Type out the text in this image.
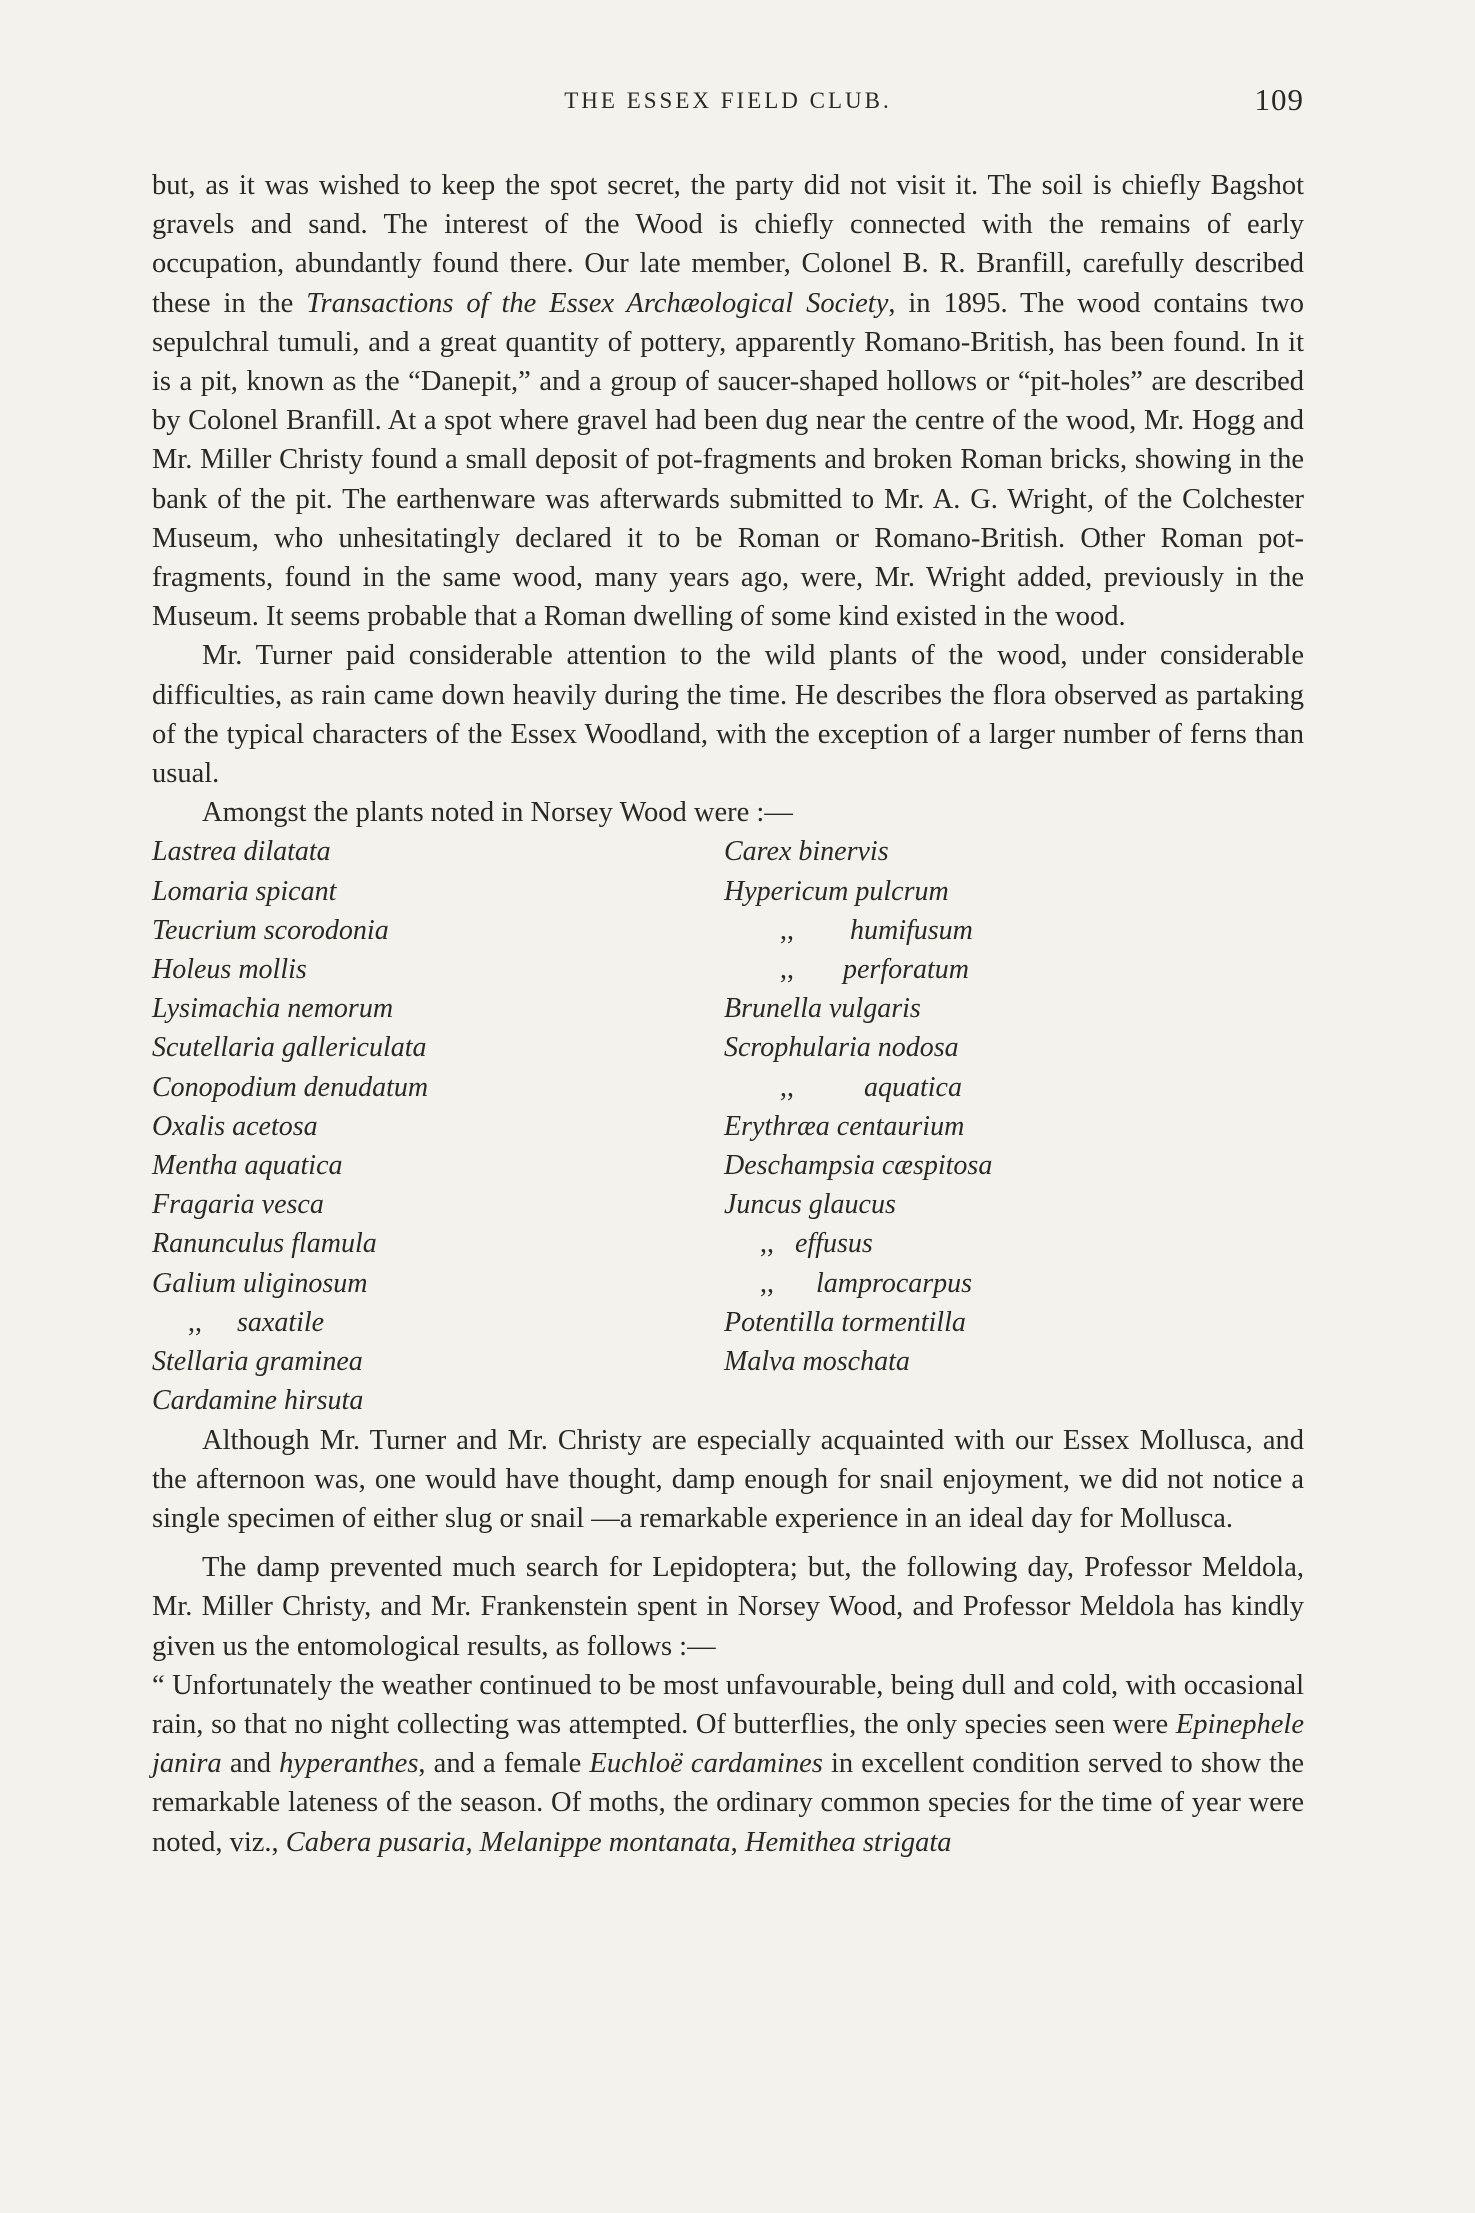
THE ESSEX FIELD CLUB.	109

but, as it was wished to keep the spot secret, the party did not visit it. The soil is chiefly Bagshot gravels and sand. The interest of the Wood is chiefly connected with the remains of early occupation, abundantly found there. Our late member, Colonel B. R. Branfill, carefully described these in the Transactions of the Essex Archæological Society, in 1895. The wood contains two sepulchral tumuli, and a great quantity of pottery, apparently Romano-British, has been found. In it is a pit, known as the “Danepit,” and a group of saucer-shaped hollows or “pit-holes” are described by Colonel Branfill. At a spot where gravel had been dug near the centre of the wood, Mr. Hogg and Mr. Miller Christy found a small deposit of pot-fragments and broken Roman bricks, showing in the bank of the pit. The earthenware was afterwards submitted to Mr. A. G. Wright, of the Colchester Museum, who unhesitatingly declared it to be Roman or Romano-British. Other Roman pot-fragments, found in the same wood, many years ago, were, Mr. Wright added, previously in the Museum. It seems probable that a Roman dwelling of some kind existed in the wood.

Mr. Turner paid considerable attention to the wild plants of the wood, under considerable difficulties, as rain came down heavily during the time. He describes the flora observed as partaking of the typical characters of the Essex Woodland, with the exception of a larger number of ferns than usual.

Amongst the plants noted in Norsey Wood were :—

Lastrea dilatata
Lomaria spicant
Teucrium scorodonia
Holeus mollis
Lysimachia nemorum
Scutellaria gallericulata
Conopodium denudatum
Oxalis acetosa
Mentha aquatica
Fragaria vesca
Ranunculus flamula
Galium uliginosum
,, saxatile
Stellaria graminea
Cardamine hirsuta
Carex binervis
Hypericum pulcrum
,, humifusum
,, perforatum
Brunella vulgaris
Scrophularia nodosa
,,	aquatica
Erythræa centaurium
Deschampsia cæspitosa
Juncus glaucus
,, effusus
,, lamprocarpus
Potentilla tormentilla
Malva moschata

Although Mr. Turner and Mr. Christy are especially acquainted with our Essex Mollusca, and the afternoon was, one would have thought, damp enough for snail enjoyment, we did not notice a single specimen of either slug or snail —a remarkable experience in an ideal day for Mollusca.

The damp prevented much search for Lepidoptera; but, the following day, Professor Meldola, Mr. Miller Christy, and Mr. Frankenstein spent in Norsey Wood, and Professor Meldola has kindly given us the entomological results, as follows :—

“ Unfortunately the weather continued to be most unfavourable, being dull and cold, with occasional rain, so that no night collecting was attempted. Of butterflies, the only species seen were Epinephele janira and hyperanthes, and a female Euchloë cardamines in excellent condition served to show the remarkable lateness of the season. Of moths, the ordinary common species for the time of year were noted, viz., Cabera pusaria, Melanippe montanata, Hemithea strigata
